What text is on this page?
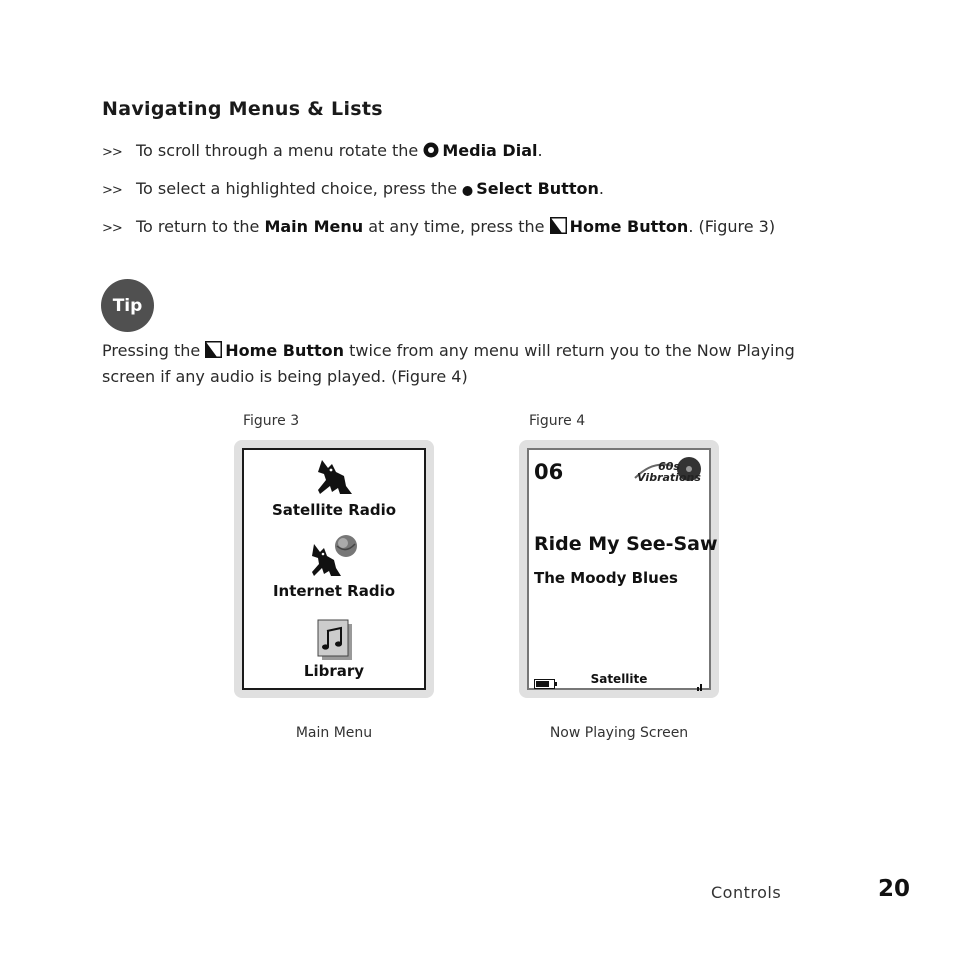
Navigating Menus & Lists
>> To scroll through a menu rotate the Media Dial.
>> To select a highlighted choice, press the Select Button.
>> To return to the Main Menu at any time, press the Home Button. (Figure 3)
Tip
Pressing the Home Button twice from any menu will return you to the Now Playing screen if any audio is being played. (Figure 4)
Figure 3
Satellite Radio
Internet Radio
Library
Main Menu
Figure 4
06	60s Vibrations
Ride My See-Saw
The Moody Blues
Satellite
Now Playing Screen
Controls	20
